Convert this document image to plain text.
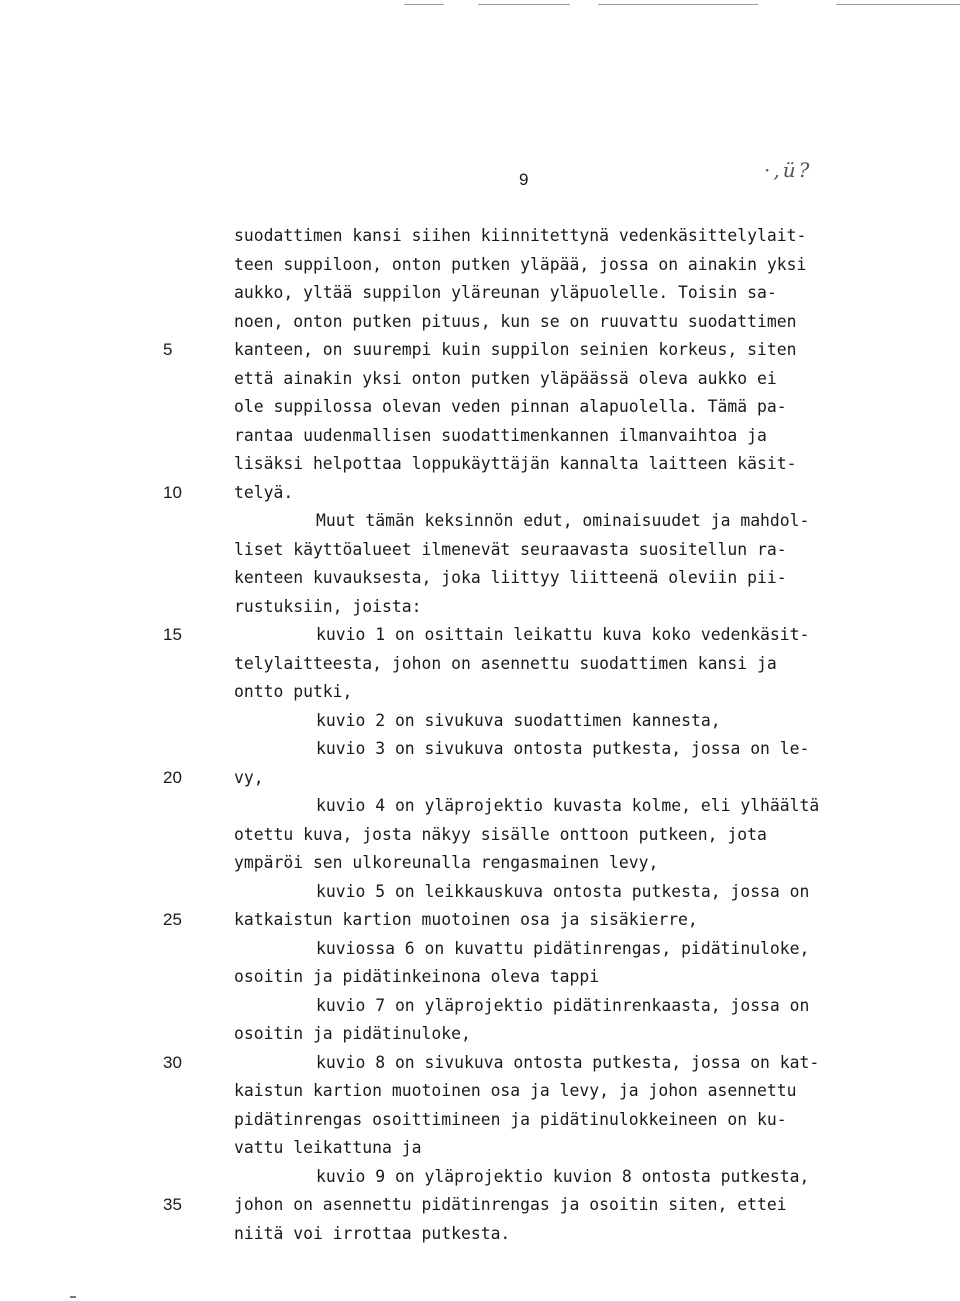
9	·,ü?
5
10
15
20
25
30
35
suodattimen kansi siihen kiinnitettynä vedenkäsittelylait-
teen suppiloon, onton putken yläpää, jossa on ainakin yksi
aukko, yltää suppilon yläreunan yläpuolelle. Toisin sa-
noen, onton putken pituus, kun se on ruuvattu suodattimen
kanteen, on suurempi kuin suppilon seinien korkeus, siten
että ainakin yksi onton putken yläpäässä oleva aukko ei
ole suppilossa olevan veden pinnan alapuolella. Tämä pa-
rantaa uudenmallisen suodattimenkannen ilmanvaihtoa ja
lisäksi helpottaa loppukäyttäjän kannalta laitteen käsit-
telyä.
Muut tämän keksinnön edut, ominaisuudet ja mahdol-
liset käyttöalueet ilmenevät seuraavasta suositellun ra-
kenteen kuvauksesta, joka liittyy liitteenä oleviin pii-
rustuksiin, joista:
kuvio 1 on osittain leikattu kuva koko vedenkäsit-
telylaitteesta, johon on asennettu suodattimen kansi ja
ontto putki,
kuvio 2 on sivukuva suodattimen kannesta,
kuvio 3 on sivukuva ontosta putkesta, jossa on le-
vy,
kuvio 4 on yläprojektio kuvasta kolme, eli ylhäältä
otettu kuva, josta näkyy sisälle onttoon putkeen, jota
ympäröi sen ulkoreunalla rengasmainen levy,
kuvio 5 on leikkauskuva ontosta putkesta, jossa on
katkaistun kartion muotoinen osa ja sisäkierre,
kuviossa 6 on kuvattu pidätinrengas, pidätinuloke,
osoitin ja pidätinkeinona oleva tappi
kuvio 7 on yläprojektio pidätinrenkaasta, jossa on
osoitin ja pidätinuloke,
kuvio 8 on sivukuva ontosta putkesta, jossa on kat-
kaistun kartion muotoinen osa ja levy, ja johon asennettu
pidätinrengas osoittimineen ja pidätinulokkeineen on ku-
vattu leikattuna ja
kuvio 9 on yläprojektio kuvion 8 ontosta putkesta,
johon on asennettu pidätinrengas ja osoitin siten, ettei
niitä voi irrottaa putkesta.
